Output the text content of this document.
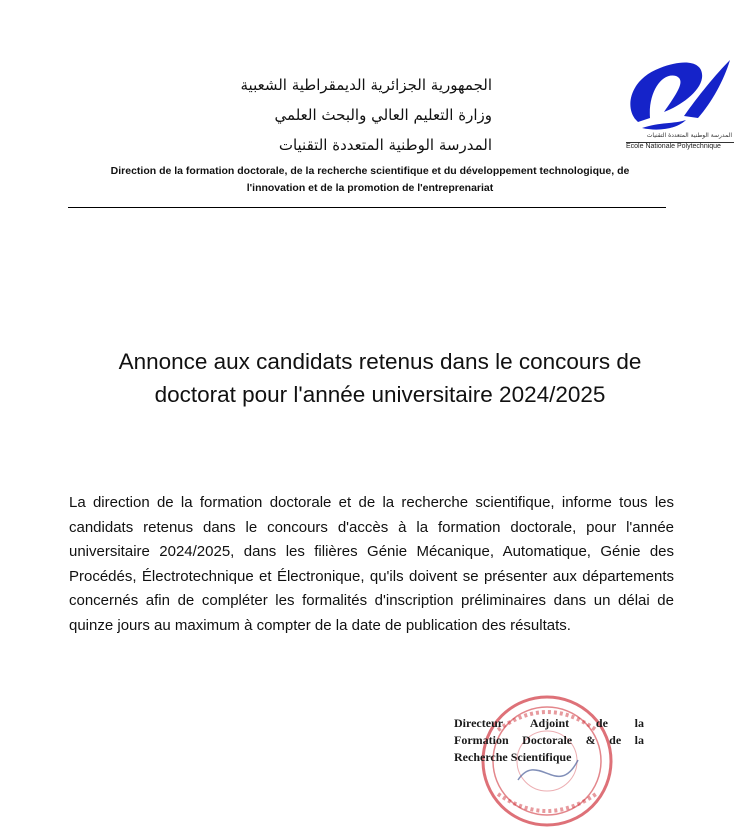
المدرسة الوطنية المتعددة التقنيات
Ecole Nationale Polytechnique
الجمهورية الجزائرية الديمقراطية الشعبية
وزارة التعليم العالي والبحث العلمي
المدرسة الوطنية المتعددة التقنيات
Direction de la formation doctorale, de la recherche scientifique et du développement technologique, de
l'innovation et de la promotion de l'entreprenariat
Annonce aux candidats retenus dans le concours de
doctorat pour l'année universitaire 2024/2025
La direction de la formation doctorale et de la recherche scientifique, informe tous les candidats retenus dans le concours d'accès à la formation doctorale, pour l'année universitaire 2024/2025, dans les filières Génie Mécanique, Automatique, Génie des Procédés, Électrotechnique et Électronique, qu'ils doivent se présenter aux départements concernés afin de compléter les formalités d'inscription préliminaires dans un délai de quinze jours au maximum à compter de la date de publication des résultats.
Directeur Adjoint de la
Formation Doctorale & de la
Recherche Scientifique
